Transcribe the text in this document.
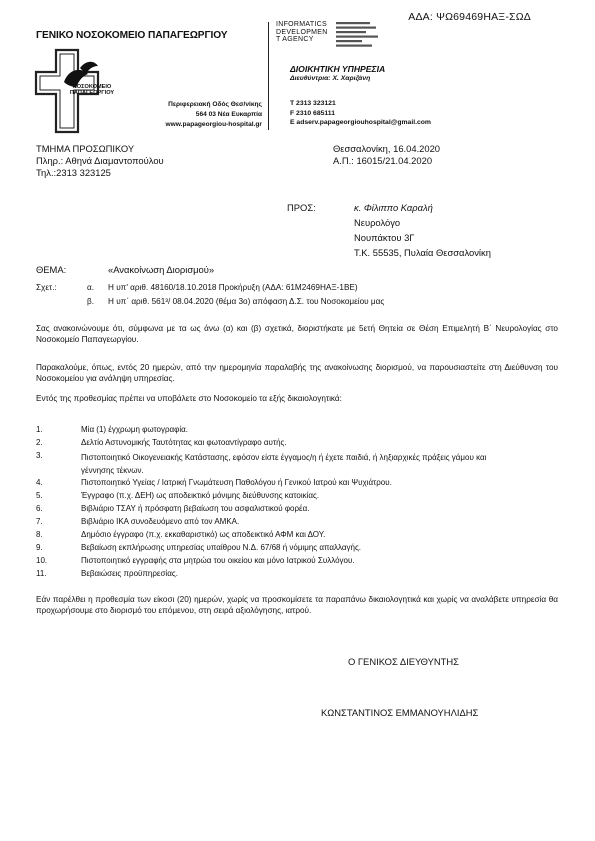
ΑΔΑ: ΨΩ69469ΗΑΞ-ΣΩΔ
ΓΕΝΙΚΟ ΝΟΣΟΚΟΜΕΙΟ ΠΑΠΑΓΕΩΡΓΙΟΥ
INFORMATICS
DEVELOPMEN
T AGENCY
ΝΟΣΟΚΟΜΕΙΟ
ΠΑΠΑΓΕΩΡΓΙΟΥ
Περιφερειακή Οδός Θεσ/νίκης
564 03 Νέα Ευκαρπία
www.papageorgiou-hospital.gr
ΔΙΟΙΚΗΤΙΚΗ ΥΠΗΡΕΣΙΑ
Διευθύντρια: Χ. Χαριζάνη
T 2313 323121
F 2310 685111
E adserv.papageorgiouhospital@gmail.com
ΤΜΗΜΑ ΠΡΟΣΩΠΙΚΟΥ
Πληρ.: Αθηνά Διαμαντοπούλου
Τηλ.:2313 323125
Θεσσαλονίκη, 16.04.2020
Α.Π.: 16015/21.04.2020
ΠΡΟΣ:	κ. Φίλιππο Καραλή
Νευρολόγο
Νουπάκτου 3Γ
Τ.Κ. 55535, Πυλαία Θεσσαλονίκη
ΘΕΜΑ:	«Ανακοίνωση Διορισμού»
Σχετ.:	α. Η υπ' αριθ. 48160/18.10.2018 Προκήρυξη (ΑΔΑ: 61Μ2469ΗΑΞ-1ΒΕ)
β. Η υπ΄ αριθ. 561³/ 08.04.2020 (θέμα 3ο) απόφαση Δ.Σ. του Νοσοκομείου μας
Σας ανακοινώνουμε ότι, σύμφωνα με τα ως άνω (α) και (β) σχετικά, διοριστήκατε με 5ετή Θητεία σε Θέση Επιμελητή Β΄ Νευρολογίας στο Νοσοκομείο Παπαγεωργίου.
Παρακαλούμε, όπως, εντός 20 ημερών, από την ημερομηνία παραλαβής της ανακοίνωσης διορισμού, να παρουσιαστείτε στη Διεύθυνση του Νοσοκομείου για ανάληψη υπηρεσίας.
Εντός της προθεσμίας πρέπει να υποβάλετε στο Νοσοκομείο τα εξής δικαιολογητικά:
1.	Μία (1) έγχρωμη φωτογραφία.
2.	Δελτίο Αστυνομικής Ταυτότητας και φωτοαντίγραφο αυτής.
3.	Πιστοποιητικό Οικογενειακής Κατάστασης, εφόσον είστε έγγαμος/η ή έχετε παιδιά, ή ληξιαρχικές πράξεις γάμου και γέννησης τέκνων.
4.	Πιστοποιητικό Υγείας / Ιατρική Γνωμάτευση Παθολόγου ή Γενικού Ιατρού και Ψυχιάτρου.
5.	Έγγραφο (π.χ. ΔΕΗ) ως αποδεικτικό μόνιμης διεύθυνσης κατοικίας.
6.	Βιβλιάριο ΤΣΑΥ ή πρόσφατη βεβαίωση του ασφαλιστικού φορέα.
7.	Βιβλιάριο ΙΚΑ συνοδευόμενο από τον ΑΜΚΑ.
8.	Δημόσιο έγγραφο (π.χ. εκκαθαριστικό) ως αποδεικτικό ΑΦΜ και ΔΟΥ.
9.	Βεβαίωση εκπλήρωσης υπηρεσίας υπαίθρου Ν.Δ. 67/68 ή νόμιμης απαλλαγής.
10.	Πιστοποιητικό εγγραφής στα μητρώα του οικείου και μόνο Ιατρικού Συλλόγου.
11.	Βεβαιώσεις προϋπηρεσίας.
Εάν παρέλθει η προθεσμία των είκοσι (20) ημερών, χωρίς να προσκομίσετε τα παραπάνω δικαιολογητικά και χωρίς να αναλάβετε υπηρεσία θα προχωρήσουμε στο διορισμό του επόμενου, στη σειρά αξιολόγησης, ιατρού.
Ο ΓΕΝΙΚΟΣ ΔΙΕΥΘΥΝΤΗΣ
ΚΩΝΣΤΑΝΤΙΝΟΣ ΕΜΜΑΝΟΥΗΛΙΔΗΣ
